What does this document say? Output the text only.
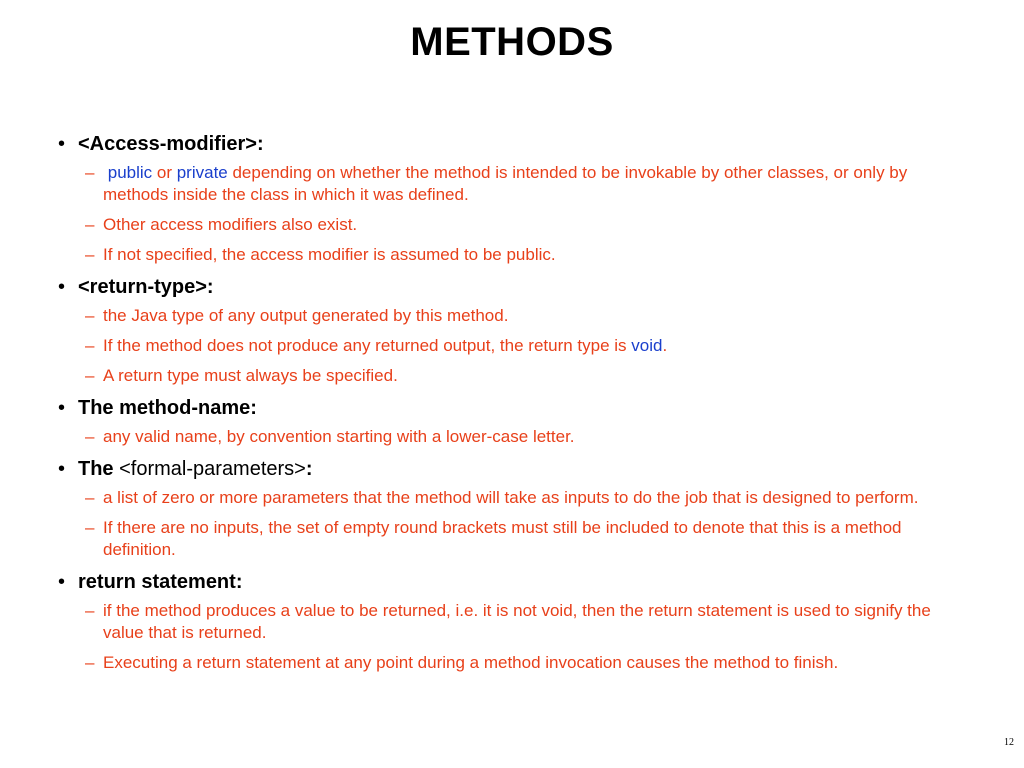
METHODS
• <Access-modifier>:
– public or private depending on whether the method is intended to be invokable by other classes, or only by methods inside the class in which it was defined.
– Other access modifiers also exist.
– If not specified, the access modifier is assumed to be public.
• <return-type>:
– the Java type of any output generated by this method.
– If the method does not produce any returned output, the return type is void.
– A return type must always be specified.
• The method-name:
– any valid name, by convention starting with a lower-case letter.
• The <formal-parameters>:
– a list of zero or more parameters that the method will take as inputs to do the job that is designed to perform.
– If there are no inputs, the set of empty round brackets must still be included to denote that this is a method definition.
• return statement:
– if the method produces a value to be returned, i.e. it is not void, then the return statement is used to signify the value that is returned.
– Executing a return statement at any point during a method invocation causes the method to finish.
12
